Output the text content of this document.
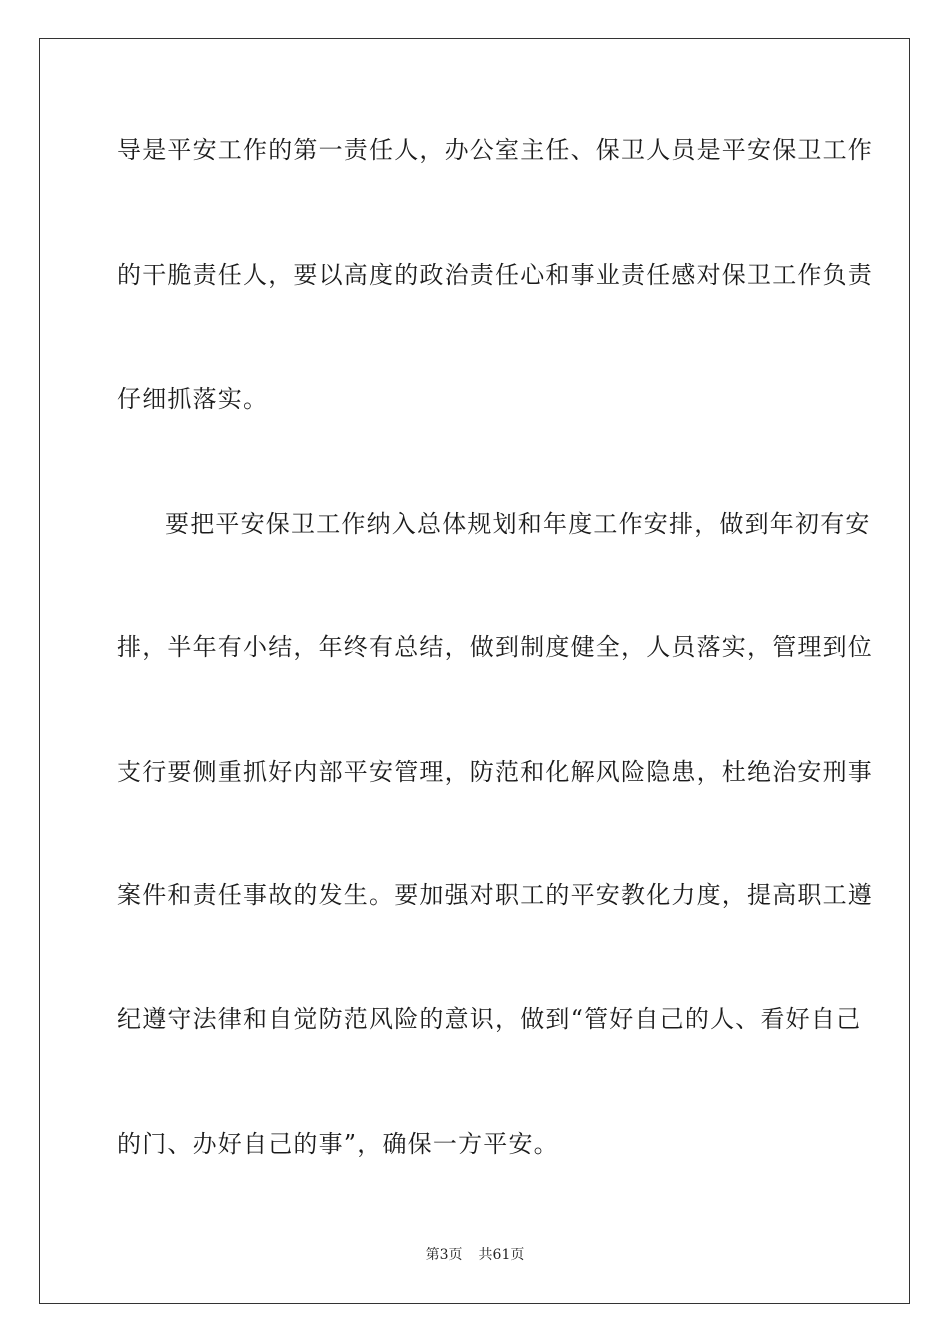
导是平安工作的第一责任人，办公室主任、保卫人员是平安保卫工作
的干脆责任人，要以高度的政治责任心和事业责任感对保卫工作负责
仔细抓落实。
要把平安保卫工作纳入总体规划和年度工作安排，做到年初有安
排，半年有小结，年终有总结，做到制度健全，人员落实，管理到位
支行要侧重抓好内部平安管理，防范和化解风险隐患，杜绝治安刑事
案件和责任事故的发生。要加强对职工的平安教化力度，提高职工遵
纪遵守法律和自觉防范风险的意识，做到“管好自己的人、看好自己
的门、办好自己的事”，确保一方平安。
第3页 共61页
